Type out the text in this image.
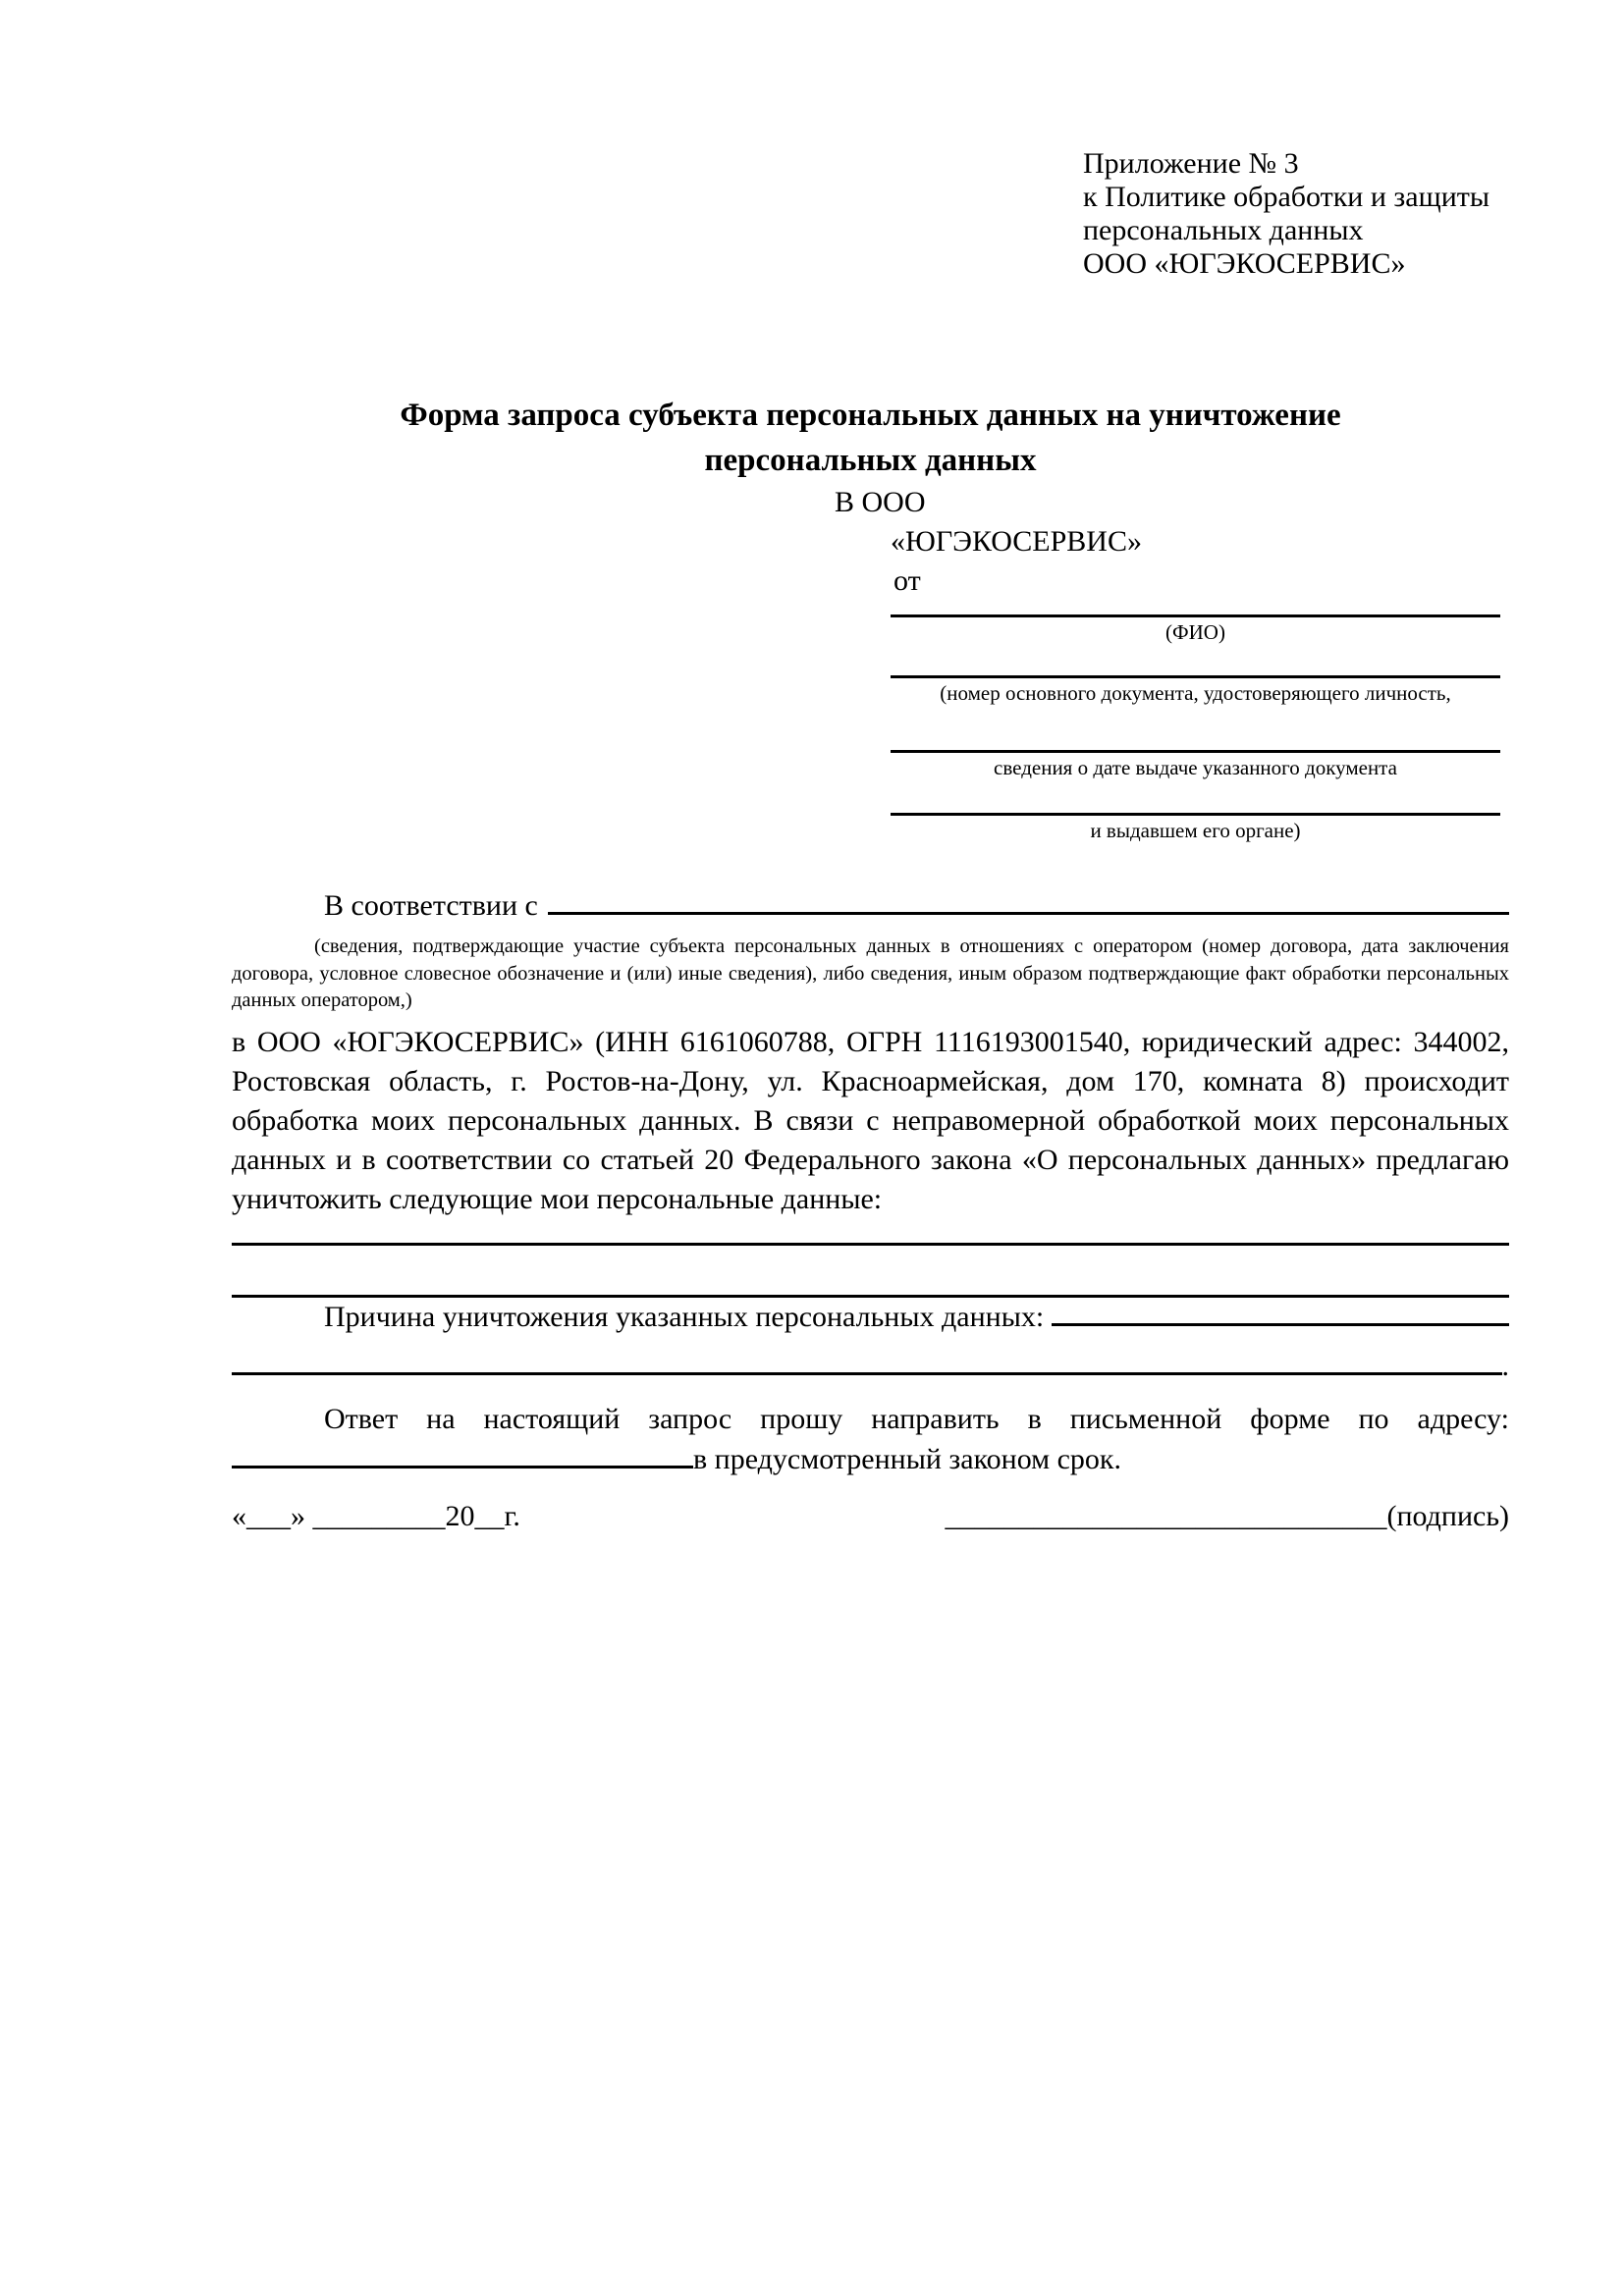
Приложение № 3
к Политике обработки и защиты
персональных данных
ООО «ЮГЭКОСЕРВИС»
Форма запроса субъекта персональных данных на уничтожение
персональных данных
В ООО
«ЮГЭКОСЕРВИС»
от
(ФИО)
(номер основного документа, удостоверяющего личность,
сведения о дате выдаче указанного документа
и выдавшем его органе)
В соответствии с
(сведения, подтверждающие участие субъекта персональных данных в отношениях с оператором (номер договора, дата заключения договора, условное словесное обозначение и (или) иные сведения), либо сведения, иным образом подтверждающие факт обработки персональных данных оператором,)
в ООО «ЮГЭКОСЕРВИС» (ИНН 6161060788, ОГРН 1116193001540, юридический адрес: 344002, Ростовская область, г. Ростов-на-Дону, ул. Красноармейская, дом 170, комната 8) происходит обработка моих персональных данных. В связи с неправомерной обработкой моих персональных данных и в соответствии со статьей 20 Федерального закона «О персональных данных» предлагаю уничтожить следующие мои персональные данные:
Причина уничтожения указанных персональных данных:
.
Ответ на настоящий запрос прошу направить в письменной форме по адресу:
в предусмотренный законом срок.
«___» _________20__г.	______________________________(подпись)
